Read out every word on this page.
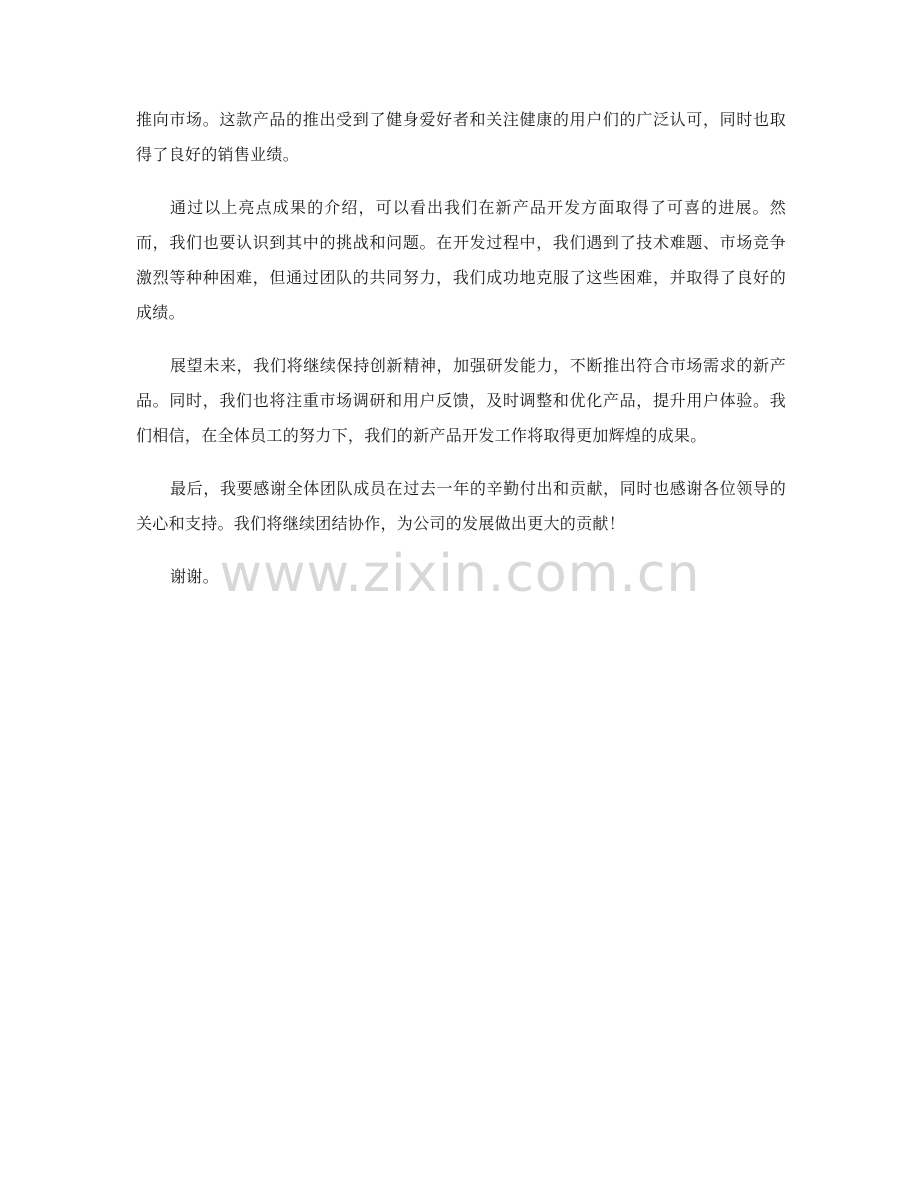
推向市场。这款产品的推出受到了健身爱好者和关注健康的用户们的广泛认可，同时也取得了良好的销售业绩。

通过以上亮点成果的介绍，可以看出我们在新产品开发方面取得了可喜的进展。然而，我们也要认识到其中的挑战和问题。在开发过程中，我们遇到了技术难题、市场竞争激烈等种种困难，但通过团队的共同努力，我们成功地克服了这些困难，并取得了良好的成绩。

展望未来，我们将继续保持创新精神，加强研发能力，不断推出符合市场需求的新产品。同时，我们也将注重市场调研和用户反馈，及时调整和优化产品，提升用户体验。我们相信，在全体员工的努力下，我们的新产品开发工作将取得更加辉煌的成果。

最后，我要感谢全体团队成员在过去一年的辛勤付出和贡献，同时也感谢各位领导的关心和支持。我们将继续团结协作，为公司的发展做出更大的贡献！

谢谢。 www.zixin.com.cn
